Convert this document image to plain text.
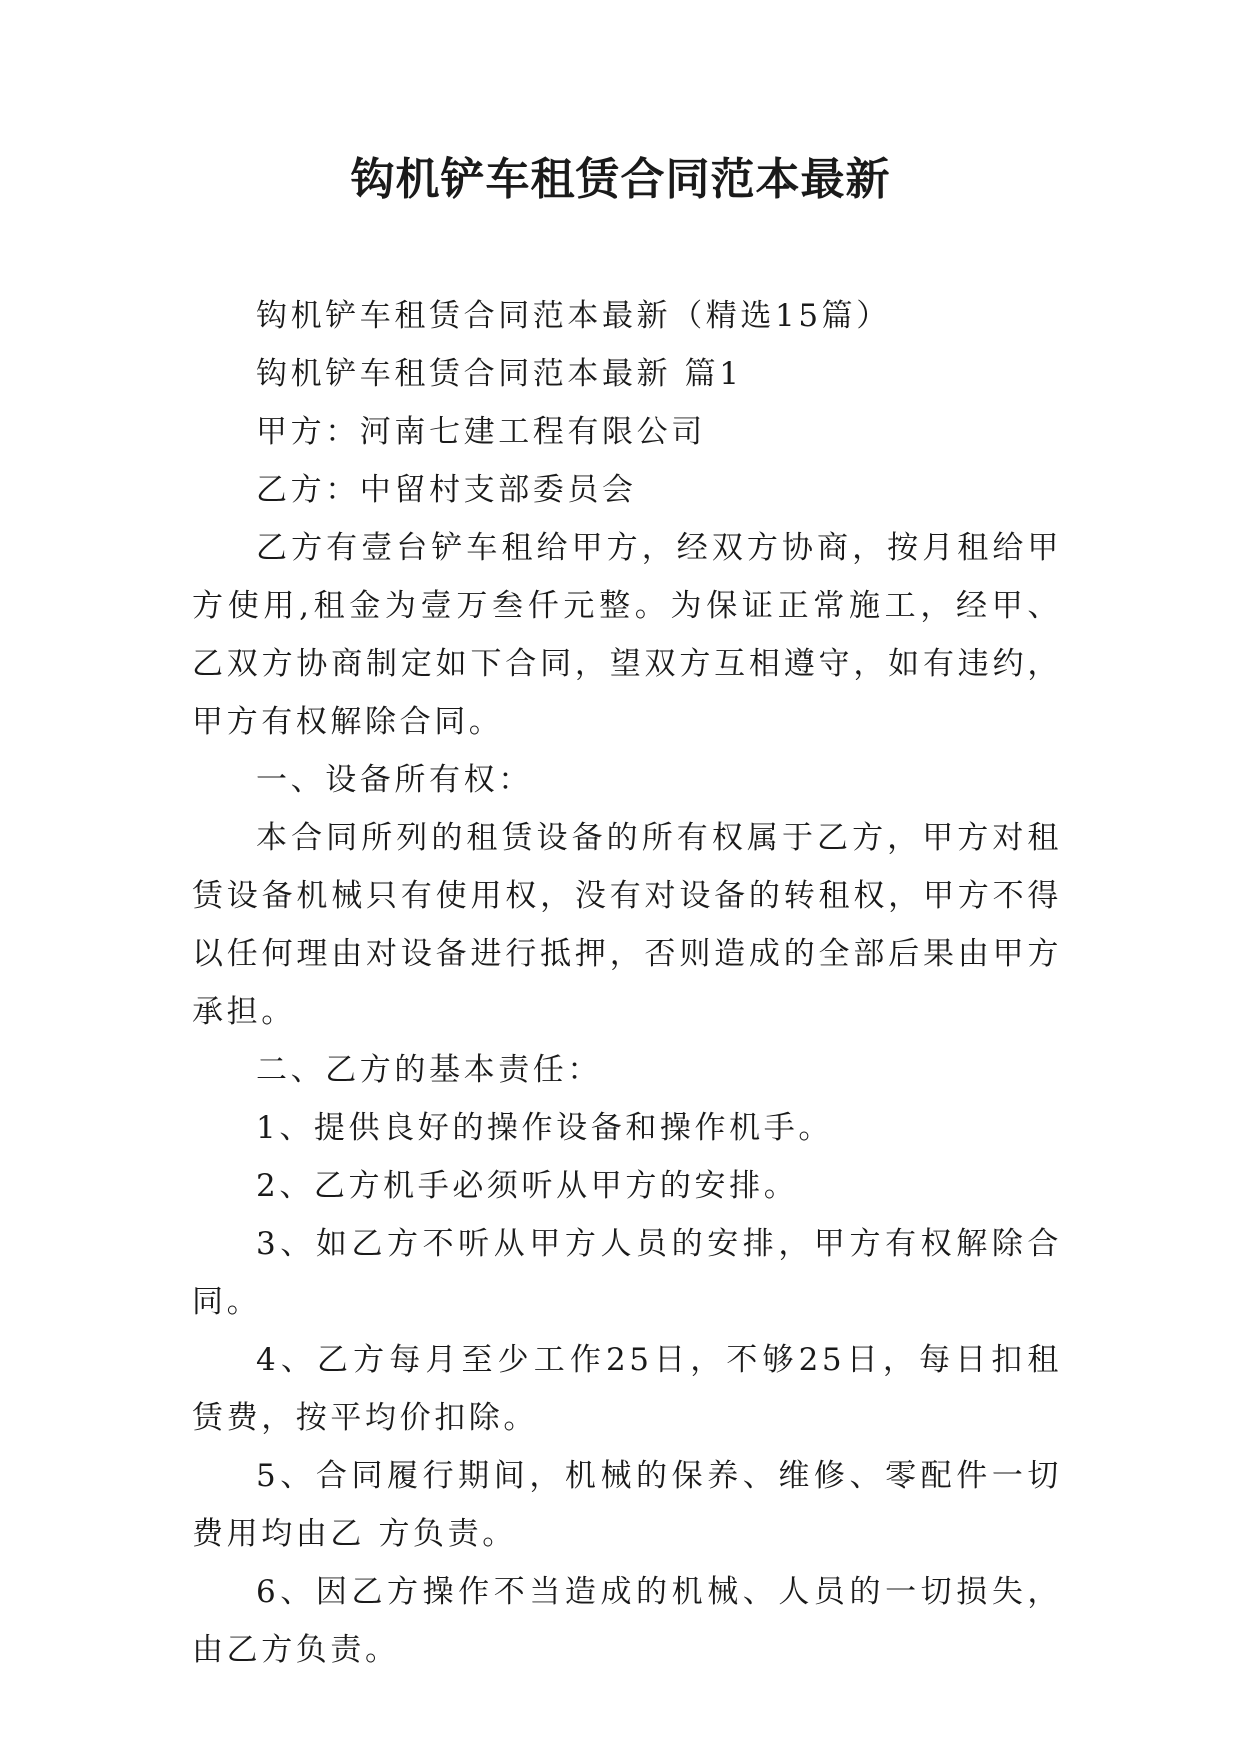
钩机铲车租赁合同范本最新

钩机铲车租赁合同范本最新（精选15篇）

钩机铲车租赁合同范本最新 篇1

甲方：河南七建工程有限公司

乙方：中留村支部委员会

乙方有壹台铲车租给甲方，经双方协商，按月租给甲方使用,租金为壹万叁仟元整。为保证正常施工，经甲、乙双方协商制定如下合同，望双方互相遵守，如有违约，甲方有权解除合同。

一、设备所有权：

本合同所列的租赁设备的所有权属于乙方，甲方对租赁设备机械只有使用权，没有对设备的转租权，甲方不得以任何理由对设备进行抵押，否则造成的全部后果由甲方承担。

二、乙方的基本责任：

1、提供良好的操作设备和操作机手。

2、乙方机手必须听从甲方的安排。

3、如乙方不听从甲方人员的安排，甲方有权解除合同。

4、乙方每月至少工作25日，不够25日，每日扣租赁费，按平均价扣除。

5、合同履行期间，机械的保养、维修、零配件一切费用均由乙 方负责。

6、因乙方操作不当造成的机械、人员的一切损失，由乙方负责。
